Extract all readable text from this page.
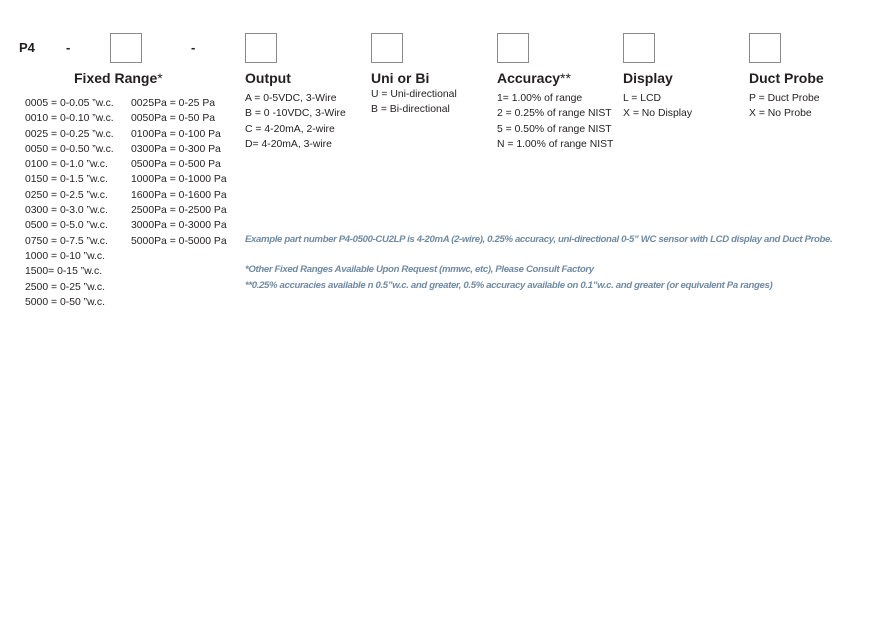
P4 -	-
Fixed Range*	Output	Uni or Bi	Accuracy**	Display	Duct Probe
0005 = 0-0.05 ”w.c.
0010 = 0-0.10 ”w.c.
0025 = 0-0.25 ”w.c.
0050 = 0-0.50 ”w.c.
0100 = 0-1.0 ”w.c.
0150 = 0-1.5 ”w.c.
0250 = 0-2.5 ”w.c.
0300 = 0-3.0 ”w.c.
0500 = 0-5.0 ”w.c.
0750 = 0-7.5 ”w.c.
1000 = 0-10 ”w.c.
1500= 0-15 ”w.c.
2500 = 0-25 ”w.c.
5000 = 0-50 ”w.c.
0025Pa = 0-25 Pa
0050Pa = 0-50 Pa
0100Pa = 0-100 Pa
0300Pa = 0-300 Pa
0500Pa = 0-500 Pa
1000Pa = 0-1000 Pa
1600Pa = 0-1600 Pa
2500Pa = 0-2500 Pa
3000Pa = 0-3000 Pa
5000Pa = 0-5000 Pa
A = 0-5VDC, 3-Wire
B = 0 -10VDC, 3-Wire
C = 4-20mA, 2-wire
D= 4-20mA, 3-wire
U = Uni-directional
B = Bi-directional
1= 1.00% of range
2 = 0.25% of range NIST
5 = 0.50% of range NIST
N = 1.00% of range NIST
L = LCD
X = No Display
P = Duct Probe
X = No Probe
Example part number P4-0500-CU2LP is 4-20mA (2-wire), 0.25% accuracy, uni-directional 0-5” WC sensor with LCD display and Duct Probe.
*Other Fixed Ranges Available Upon Request (mmwc, etc), Please Consult Factory
**0.25% accuracies available n 0.5”w.c. and greater, 0.5% accuracy available on 0.1”w.c. and greater (or equivalent Pa ranges)
